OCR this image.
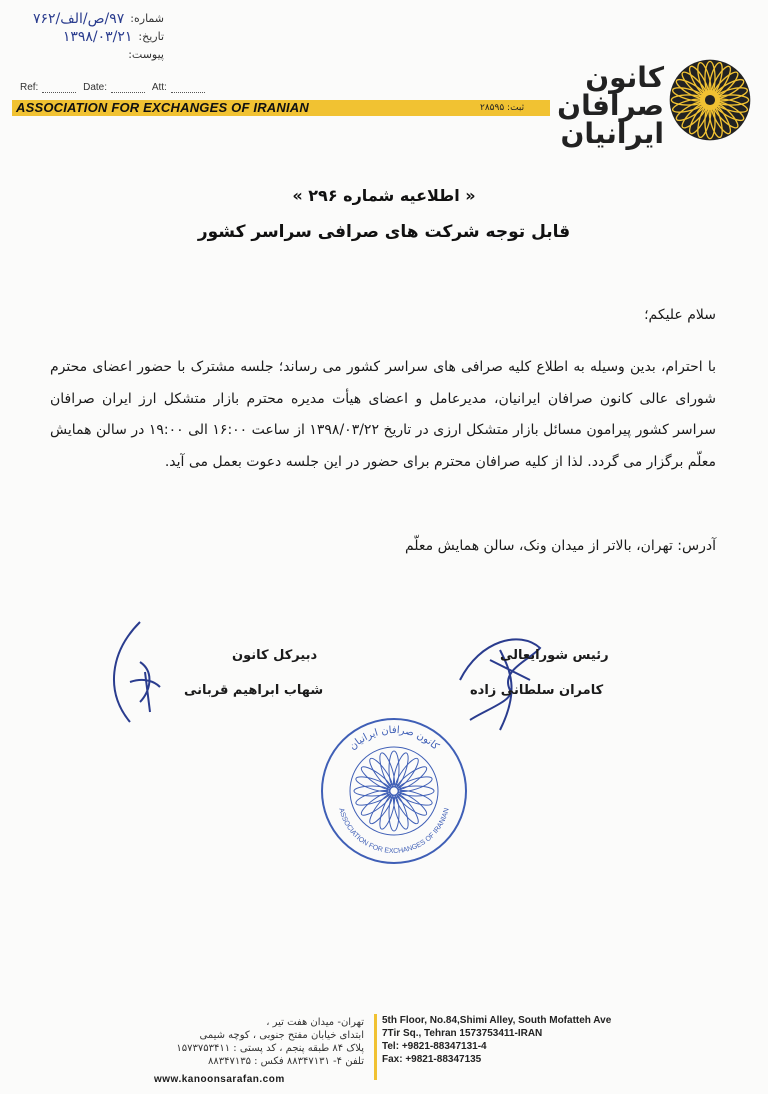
شماره:
۹۷/ص/الف/۷۶۲
تاریخ:
۱۳۹۸/۰۳/۲۱
پیوست:
Ref:	Date:	Att:	کانون
صرافان
ایرانیان
ASSOCIATION FOR EXCHANGES OF IRANIAN	ثبت: ۲۸۵۹۵
« اطلاعیه شماره ۲۹۶ »
قابل توجه شرکت های صرافی سراسر کشور
سلام علیکم؛
با احترام، بدین وسیله به اطلاع کلیه صرافی های سراسر کشور می رساند؛ جلسه مشترک با حضور اعضای محترم شورای عالی کانون صرافان ایرانیان، مدیرعامل و اعضای هیأت مدیره محترم بازار متشکل ارز ایران صرافان سراسر کشور پیرامون مسائل بازار متشکل ارزی در تاریخ ۱۳۹۸/۰۳/۲۲ از ساعت ۱۶:۰۰ الی ۱۹:۰۰ در سالن همایش معلّم برگزار می گردد. لذا از کلیه صرافان محترم برای حضور در این جلسه دعوت بعمل می آید.
آدرس: تهران، بالاتر از میدان ونک، سالن همایش معلّم
رئیس شورایعالی
کامران سلطانی زاده
دبیرکل کانون
شهاب ابراهیم قربانی
کانون صرافان ایرانیان
ASSOCIATION FOR EXCHANGES OF IRANIAN
تهران- میدان هفت تیر ،
ابتدای خیابان مفتح جنوبی ، کوچه شیمی
پلاک ۸۴ طبقه پنجم ، کد پستی : ۱۵۷۳۷۵۳۴۱۱
تلفن ۴- ۸۸۳۴۷۱۳۱ فکس : ۸۸۳۴۷۱۳۵
5th Floor, No.84,Shimi Alley, South Mofatteh Ave
7Tir Sq., Tehran 1573753411-IRAN
Tel: +9821-88347131-4
Fax: +9821-88347135
www.kanoonsarafan.com
